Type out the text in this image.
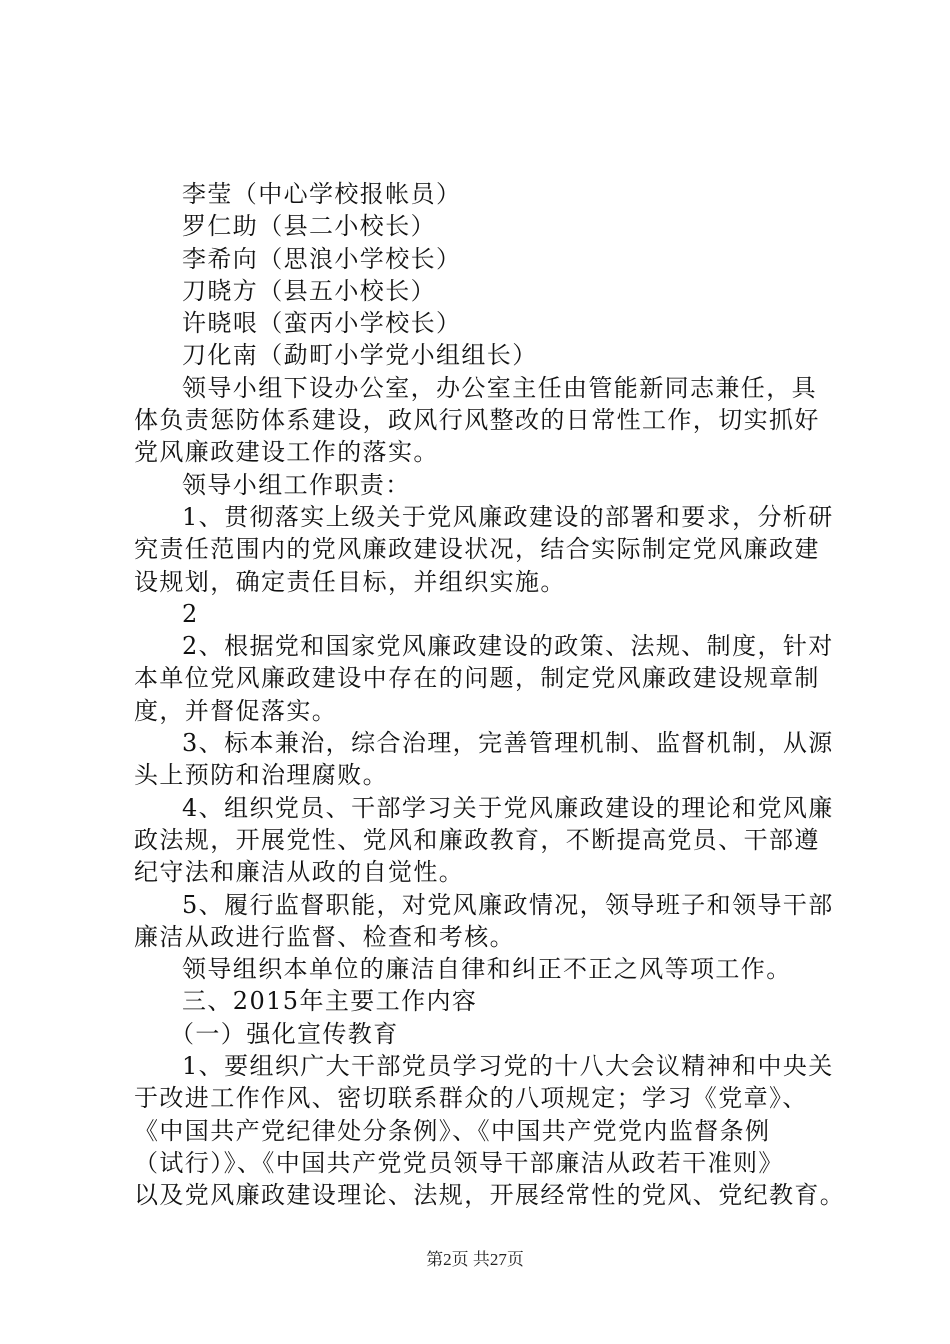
李莹（中心学校报帐员）
罗仁助（县二小校长）
李希向（思浪小学校长）
刀晓方（县五小校长）
许晓哏（蛮丙小学校长）
刀化南（勐町小学党小组组长）
领导小组下设办公室，办公室主任由管能新同志兼任，具
体负责惩防体系建设，政风行风整改的日常性工作，切实抓好
党风廉政建设工作的落实。
领导小组工作职责：
1、贯彻落实上级关于党风廉政建设的部署和要求，分析研
究责任范围内的党风廉政建设状况，结合实际制定党风廉政建
设规划，确定责任目标，并组织实施。
2
2、根据党和国家党风廉政建设的政策、法规、制度，针对
本单位党风廉政建设中存在的问题，制定党风廉政建设规章制
度，并督促落实。
3、标本兼治，综合治理，完善管理机制、监督机制，从源
头上预防和治理腐败。
4、组织党员、干部学习关于党风廉政建设的理论和党风廉
政法规，开展党性、党风和廉政教育，不断提高党员、干部遵
纪守法和廉洁从政的自觉性。
5、履行监督职能，对党风廉政情况，领导班子和领导干部
廉洁从政进行监督、检查和考核。
领导组织本单位的廉洁自律和纠正不正之风等项工作。
三、2015年主要工作内容
（一）强化宣传教育
1、要组织广大干部党员学习党的十八大会议精神和中央关
于改进工作作风、密切联系群众的八项规定；学习《党章》、
《中国共产党纪律处分条例》、《中国共产党党内监督条例
（试行）》、《中国共产党党员领导干部廉洁从政若干准则》
以及党风廉政建设理论、法规，开展经常性的党风、党纪教育。
第2页 共27页
